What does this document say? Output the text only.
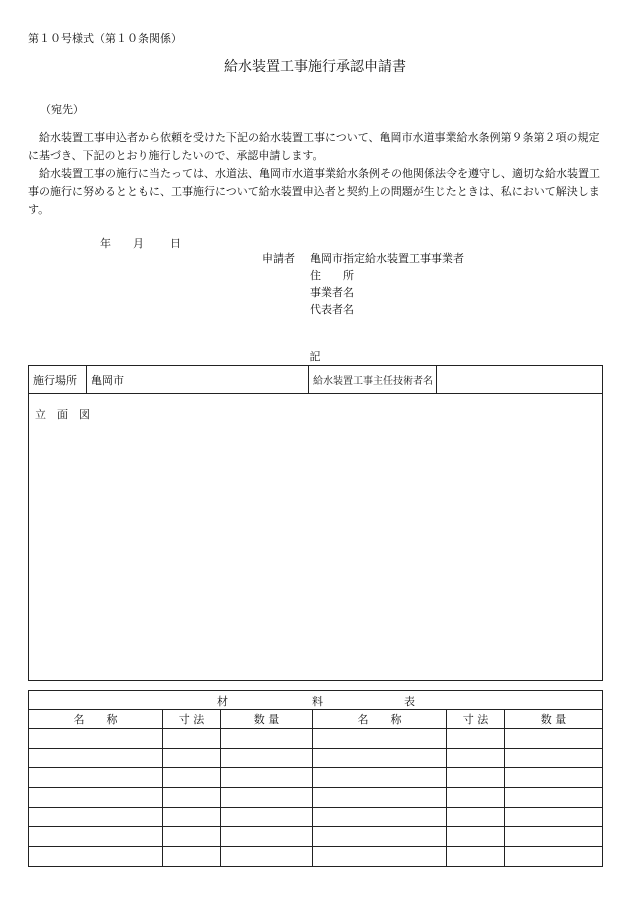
第１０号様式（第１０条関係）
給水装置工事施行承認申請書
（宛先）
給水装置工事申込者から依頼を受けた下記の給水装置工事について、亀岡市水道事業給水条例第９条第２項の規定に基づき、下記のとおり施行したいので、承認申請します。
給水装置工事の施行に当たっては、水道法、亀岡市水道事業給水条例その他関係法令を遵守し、適切な給水装置工事の施行に努めるとともに、工事施行について給水装置申込者と契約上の問題が生じたときは、私において解決します。
年 月 日
申請者 亀岡市指定給水装置工事事業者
住　　所
事業者名
代表者名
記
施行場所	亀岡市	給水装置工事主任技術者名	
立　面　図
材 料 表					

名　　称	寸 法	数 量	名　　称	寸 法	数 量
